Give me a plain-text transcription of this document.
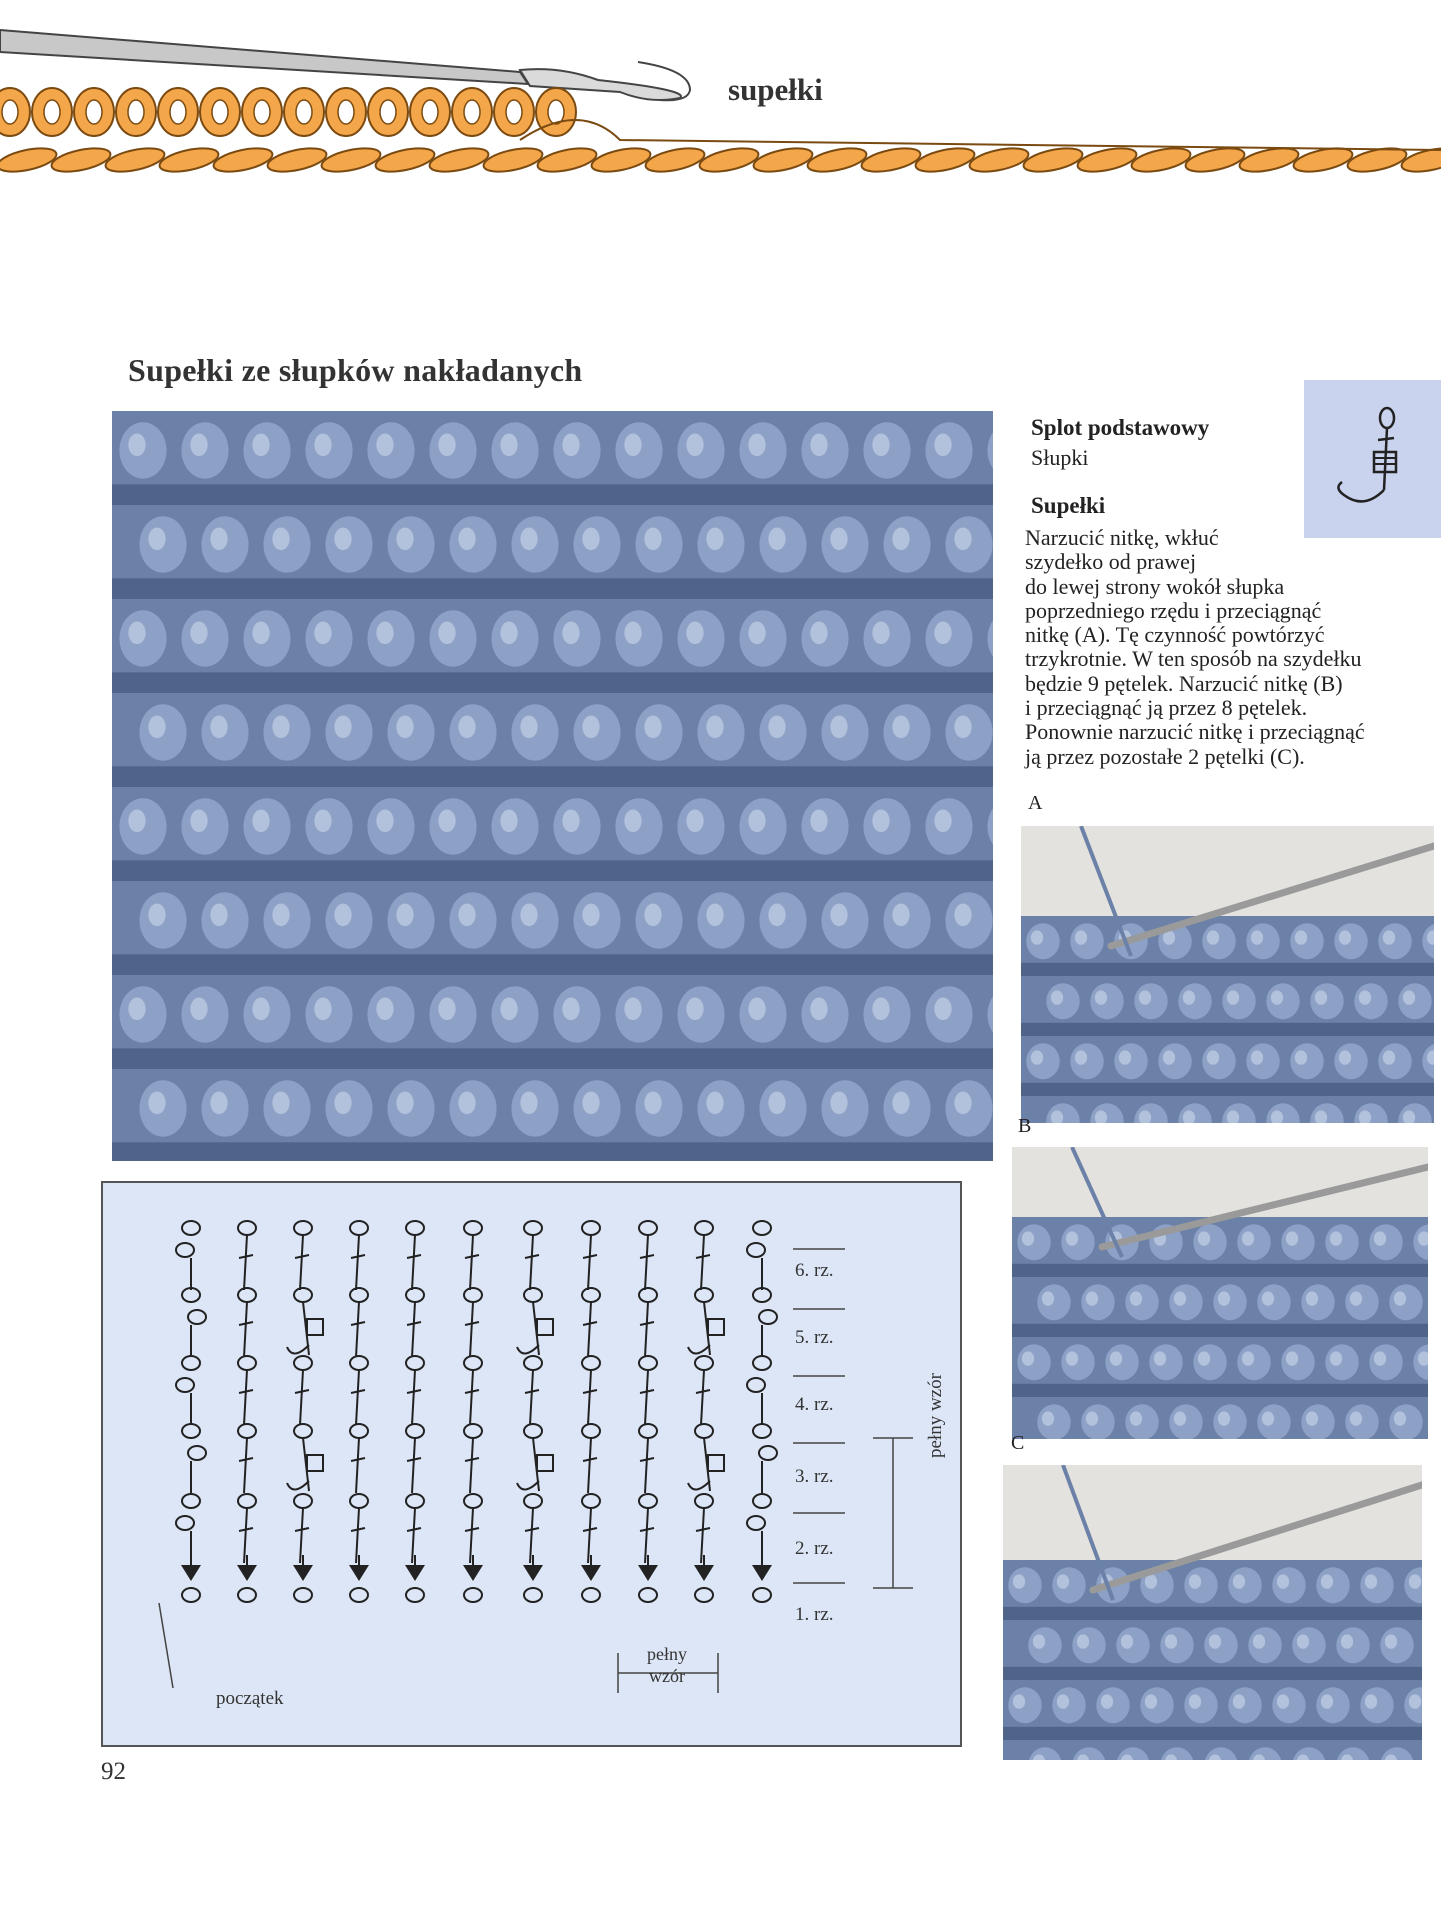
supełki
Supełki ze słupków nakładanych
Splot podstawowy
Słupki
Supełki
Narzucić nitkę, wkłuć
szydełko od prawej
do lewej strony wokół słupka
poprzedniego rzędu i przeciągnąć
nitkę (A). Tę czynność powtórzyć
trzykrotnie. W ten sposób na szydełku
będzie 9 pętelek. Narzucić nitkę (B)
i przeciągnąć ją przez 8 pętelek.
Ponownie narzucić nitkę i przeciągnąć
ją przez pozostałe 2 pętelki (C).
A
B
C
6. rz.
5. rz.
4. rz.
3. rz.
2. rz.
1. rz.
początek
pełny
wzór
pełny wzór
92
